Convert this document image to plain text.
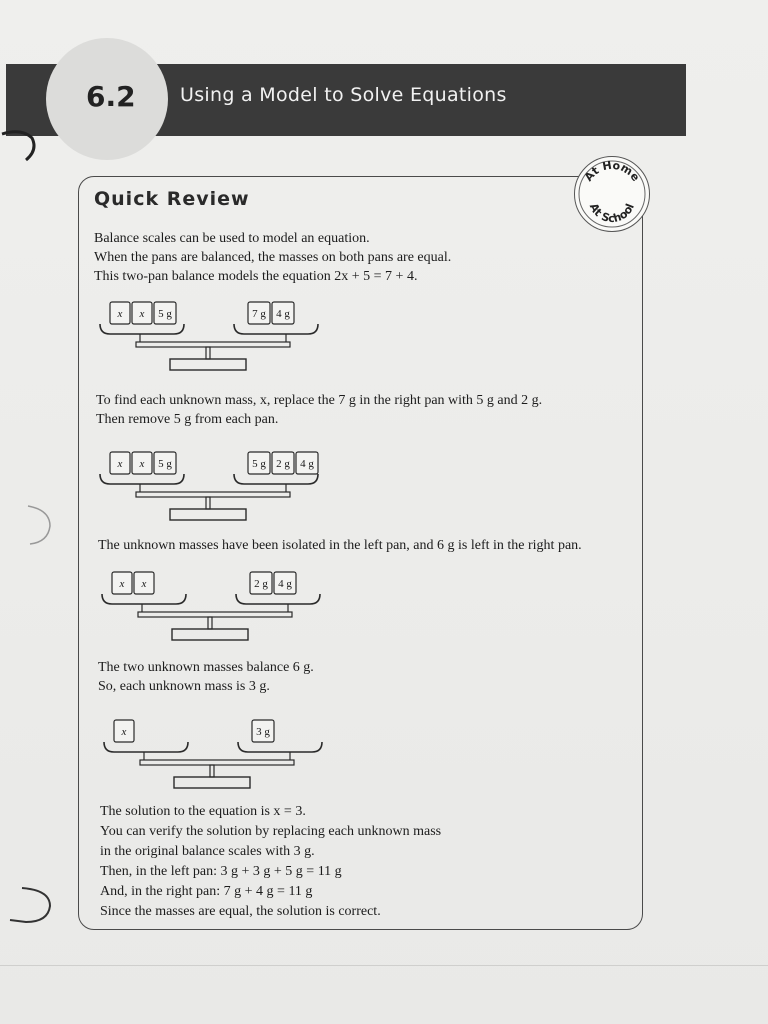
6.2 Using a Model to Solve Equations
Quick Review
At Home
At School
Balance scales can be used to model an equation.
When the pans are balanced, the masses on both pans are equal.
This two-pan balance models the equation 2x + 5 = 7 + 4.
x x 5 g	7 g 4 g
To find each unknown mass, x, replace the 7 g in the right pan with 5 g and 2 g.
Then remove 5 g from each pan.
x x 5 g	5 g 2 g 4 g
The unknown masses have been isolated in the left pan, and 6 g is left in the right pan.
x x	2 g 4 g
The two unknown masses balance 6 g.
So, each unknown mass is 3 g.
x	3 g
The solution to the equation is x = 3.
You can verify the solution by replacing each unknown mass
in the original balance scales with 3 g.
Then, in the left pan: 3 g + 3 g + 5 g = 11 g
And, in the right pan: 7 g + 4 g = 11 g
Since the masses are equal, the solution is correct.
